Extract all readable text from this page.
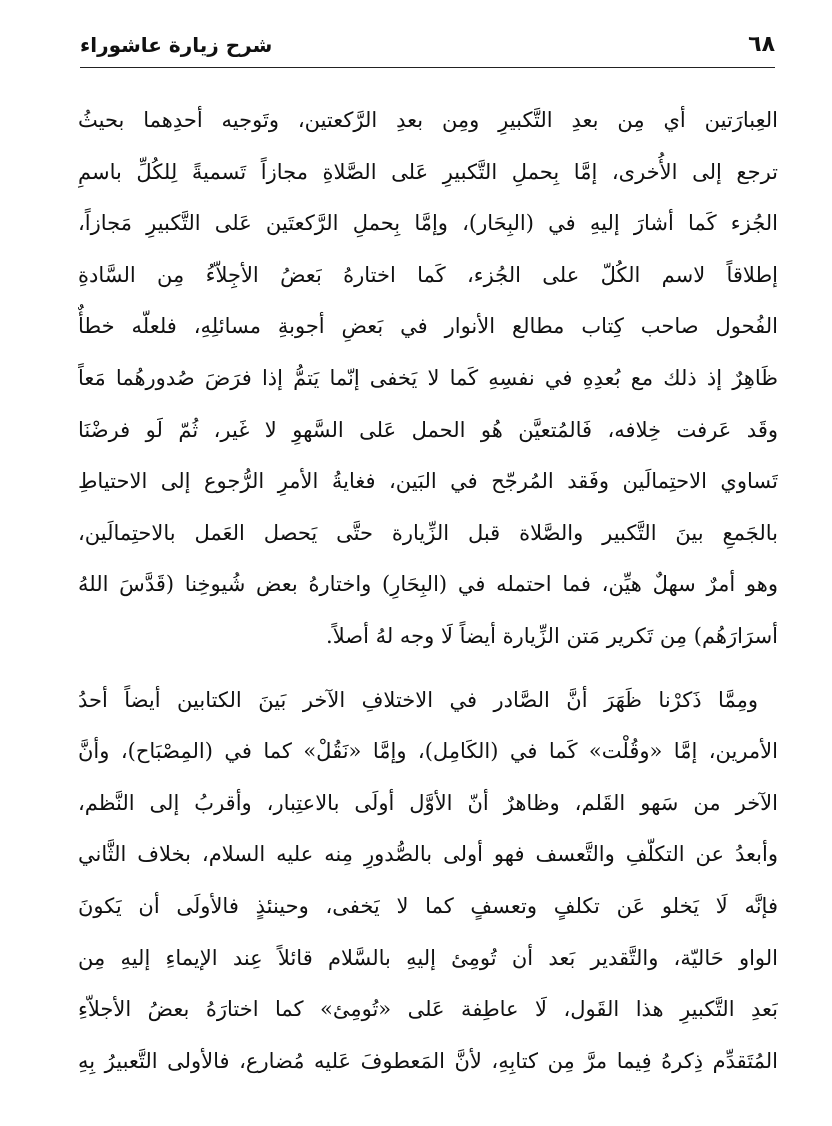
٦٨
شرح زيارة عاشوراء
العِبارَتين أي مِن بعدِ التَّكبيرِ ومِن بعدِ الرَّكعتين، وتَوجيه أحدِهما بحيثُ
ترجع إلى الأُخرى، إمَّا بِحملِ التَّكبيرِ عَلى الصَّلاةِ مجازاً تَسميةً لِلكُلِّ باسمِ
الجُزء كَما أشارَ إليهِ في (البِحَار)، وإمَّا بِحملِ الرَّكعتَين عَلى التَّكبيرِ مَجازاً،
إطلاقاً لاسم الكُلّ على الجُزء، كَما اختارهُ بَعضُ الأجِلاّءُ مِن السَّادةِ
الفُحول صاحب كِتاب مطالع الأنوار في بَعضِ أجوبةِ مسائلِهِ، فلعلّه خطأٌ
ظَاهِرٌ إذ ذلك مع بُعدِهِ في نفسِهِ كَما لا يَخفى إنّما يَتمُّ إذا فرَضَ صُدورهُما مَعاً
وقَد عَرفت خِلافه، فَالمُتعيَّن هُو الحمل عَلى السَّهوِ لا غَير، ثُمّ لَو فرضْنَا
تَساوي الاحتِمالَين وفَقد المُرجّح في البَين، فغايةُ الأمرِ الرُّجوع إلى الاحتياطِ
بالجَمعِ بينَ التَّكبير والصَّلاة قبل الزِّيارة حتَّى يَحصل العَمل بالاحتِمالَين،
وهو أمرٌ سهلٌ هيِّن، فما احتمله في (البِحَارِ) واختارهُ بعض شُيوخِنا (قَدَّسَ اللهُ
أسرَارَهُم) مِن تَكرير مَتن الزِّيارة أيضاً لَا وجه لهُ أصلاً.
ومِمَّا ذَكرْنا ظَهَرَ أنَّ الصَّادر في الاختلافِ الآخر بَينَ الكتابين أيضاً أحدُ
الأمرين، إمَّا «وقُلْت» كَما في (الكَامِل)، وإمَّا «نَقُلْ» كما في (المِصْبَاح)، وأنَّ
الآخر من سَهو القَلم، وظاهرٌ أنّ الأوَّل أولَى بالاعتِبار، وأقربُ إلى النَّظم،
وأبعدُ عن التكلّفِ والتَّعسف فهو أولى بالصُّدورِ مِنه عليه السلام، بخلاف الثَّاني
فإنَّه لَا يَخلو عَن تكلفٍ وتعسفٍ كما لا يَخفى، وحينئذٍ فالأولَى أن يَكونَ
الواو حَاليّة، والتَّقدير بَعد أن تُومِئ إليهِ بالسَّلام قائلاً عِند الإيماءِ إليهِ مِن
بَعدِ التَّكبيرِ هذا القَول، لَا عاطِفة عَلى «تُومِئ» كما اختارَهُ بعضُ الأجلاّءِ
المُتَقدِّم ذِكرهُ فِيما مرَّ مِن كتابِهِ، لأنَّ المَعطوفَ عَليه مُضارع، فالأولى التَّعبيرُ بِهِ
